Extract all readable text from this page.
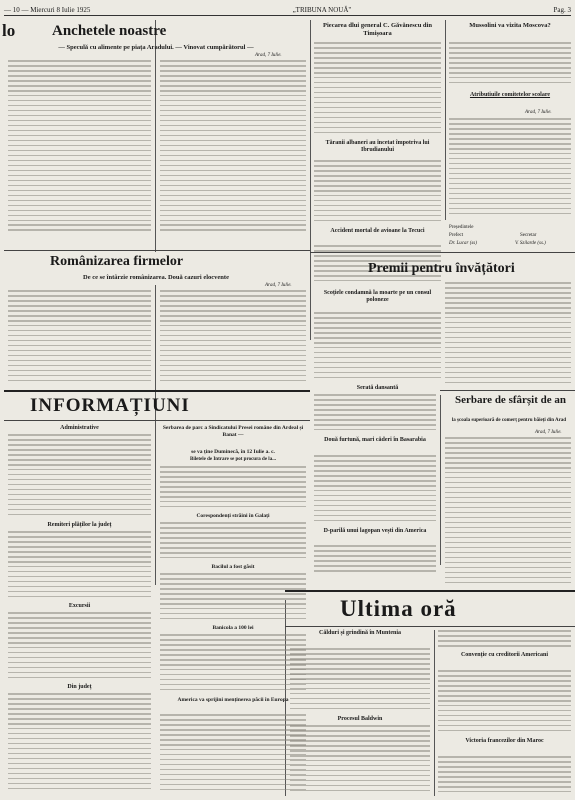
— 10 — Miercuri 8 Iulie 1925	„TRIBUNA NOUĂ"	Pag. 3
lo Anchetele noastre
— Speculă cu alimente pe piața Aradului. — Vinovat cumpărătorul —
Arad, 7 Iulie.
Românizarea firmelor
De ce se întârzie românizarea. Două cazuri elocvente
Arad, 7 Iulie.
INFORMAȚIUNI
Administrative
Remiteri plăților la județ
Excursii
Din județ
Serbarea de parc a Sindicatului Presei române din Ardeal și Banat —
se va ține Duminecă, în 12 Iulie a. c.
Biletele de Intrare se pot procura de la...
Corespondenți străini în Galați
Bacilul a fost găsit
Banicola a 100 lei
America va sprijini menținerea păcii în Europa
Piecarea dlui general C. Găvănescu din Timișoara
Tăranii albaneri au încetat împotriva lui Ibrudianului
Accident mortal de avioane la Tecuci
Scoțiele condamnă la moarte pe un consul poloneze
Serată dansantă
Două furtună, mari căderi în Basarabia
D-parilă unui lagopan vești din America
Mussolini va vizita Moscova?
Atributiuile comitetelor scolare
Arad, 7 Iulie.
Președintele
Prefect	Secretar
Dr. Lucar (ss)	V. Szilarde (ss.)
Premii pentru învățători
Serbare de sfârșit de an
la școala superioară de comerț pentru băieți din Arad
Arad, 7 Iulie.
Ultima oră
Călduri și grindină în Muntenia
Procesul Baldwin
Convenție cu creditorii Americani
Victoria francezilor din Maroc
